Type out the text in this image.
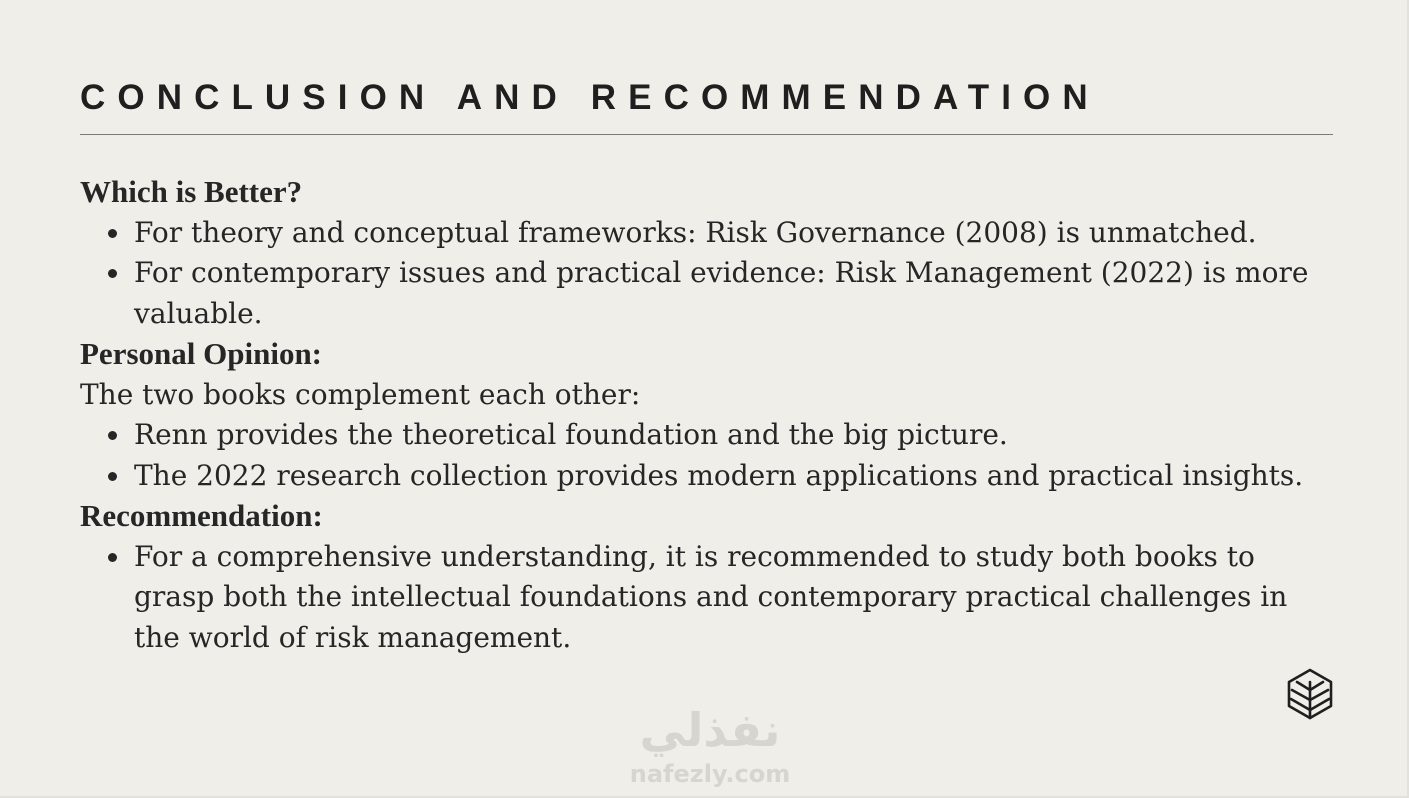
CONCLUSION AND RECOMMENDATION

Which is Better?

For theory and conceptual frameworks: Risk Governance (2008) is unmatched.
For contemporary issues and practical evidence: Risk Management (2022) is more valuable.

Personal Opinion:

The two books complement each other:

Renn provides the theoretical foundation and the big picture.
The 2022 research collection provides modern applications and practical insights.

Recommendation:

For a comprehensive understanding, it is recommended to study both books to grasp both the intellectual foundations and contemporary practical challenges in the world of risk management.
نفذلي
nafezly.com
